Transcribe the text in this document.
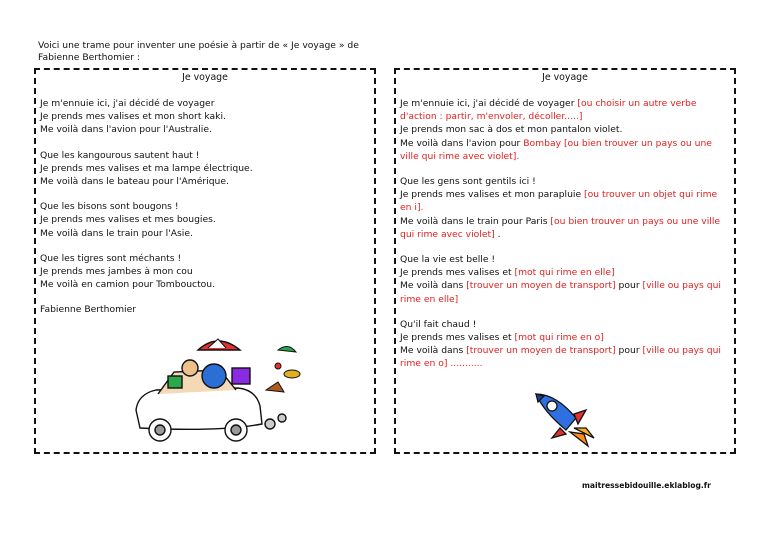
Voici une trame pour inventer une poésie à partir de « Je voyage » de Fabienne Berthomier :
Je voyage
Je m'ennuie ici, j'ai décidé de voyager
Je prends mes valises et mon short kaki.
Me voilà dans l'avion pour l'Australie.
Que les kangourous sautent haut !
Je prends mes valises et ma lampe électrique.
Me voilà dans le bateau pour l'Amérique.
Que les bisons sont bougons !
Je prends mes valises et mes bougies.
Me voilà dans le train pour l'Asie.
Que les tigres sont méchants !
Je prends mes jambes à mon cou
Me voilà en camion pour Tombouctou.
Fabienne Berthomier
Je voyage
Je m'ennuie ici, j'ai décidé de voyager [ou choisir un autre verbe d'action : partir, m'envoler, décoller.....]
Je prends mon sac à dos et mon pantalon violet.
Me voilà dans l'avion pour Bombay [ou bien trouver un pays ou une ville qui rime avec violet].
Que les gens sont gentils ici !
Je prends mes valises et mon parapluie [ou trouver un objet qui rime en i].
Me voilà dans le train pour Paris [ou bien trouver un pays ou une ville qui rime avec violet] .
Que la vie est belle !
Je prends mes valises et [mot qui rime en elle]
Me voilà dans [trouver un moyen de transport] pour [ville ou pays qui rime en elle]
Qu'il fait chaud !
Je prends mes valises et [mot qui rime en o]
Me voilà dans [trouver un moyen de transport] pour [ville ou pays qui rime en o] ...........
maitressebidouille.eklablog.fr
